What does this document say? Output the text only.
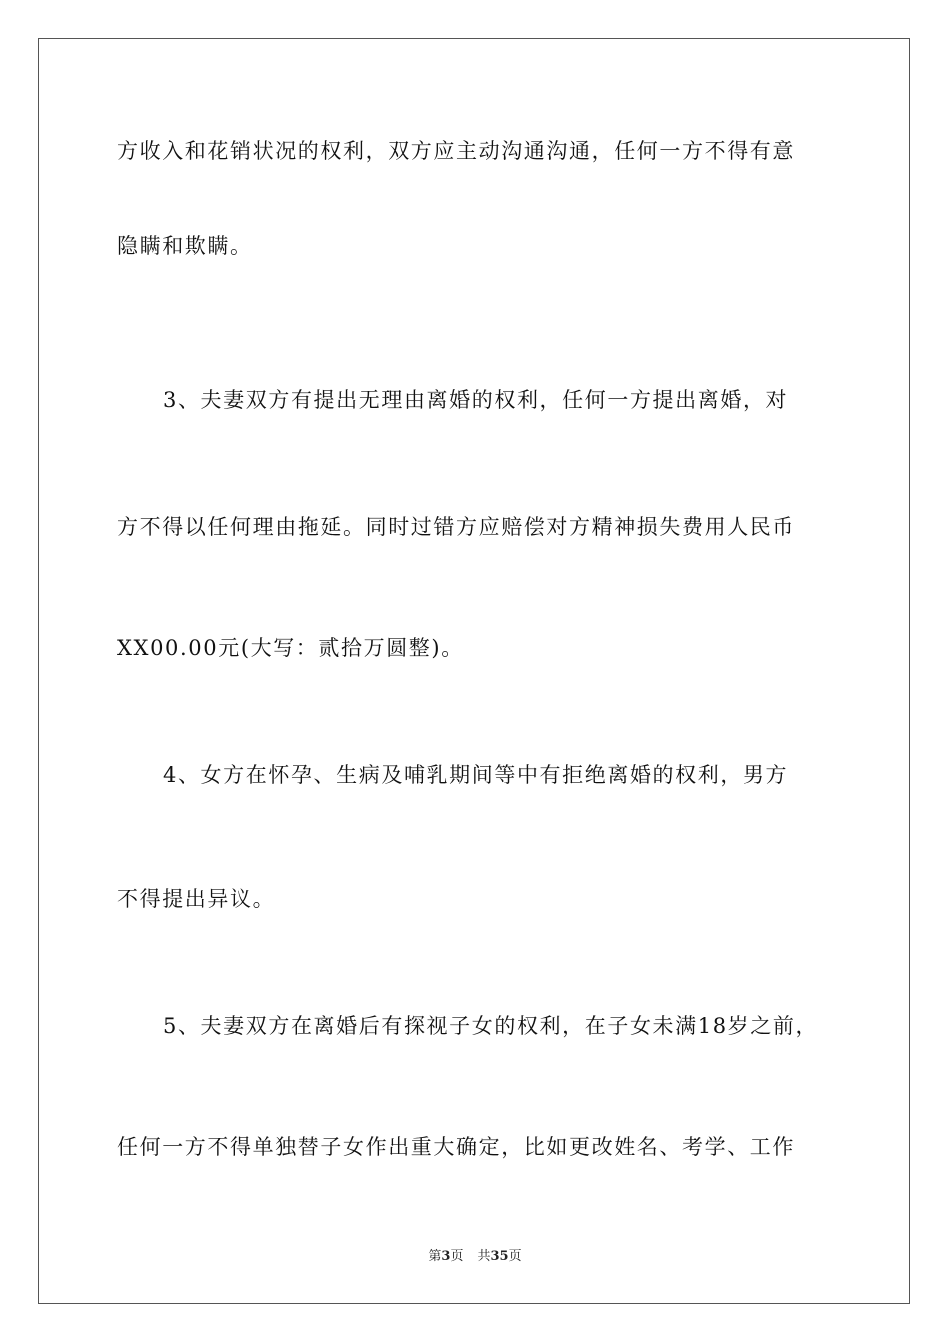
方收入和花销状况的权利，双方应主动沟通沟通，任何一方不得有意
隐瞒和欺瞒。
3、夫妻双方有提出无理由离婚的权利，任何一方提出离婚，对
方不得以任何理由拖延。同时过错方应赔偿对方精神损失费用人民币
XX00.00元(大写：贰拾万圆整)。
4、女方在怀孕、生病及哺乳期间等中有拒绝离婚的权利，男方
不得提出异议。
5、夫妻双方在离婚后有探视子女的权利，在子女未满18岁之前，
任何一方不得单独替子女作出重大确定，比如更改姓名、考学、工作
第3页 共35页
